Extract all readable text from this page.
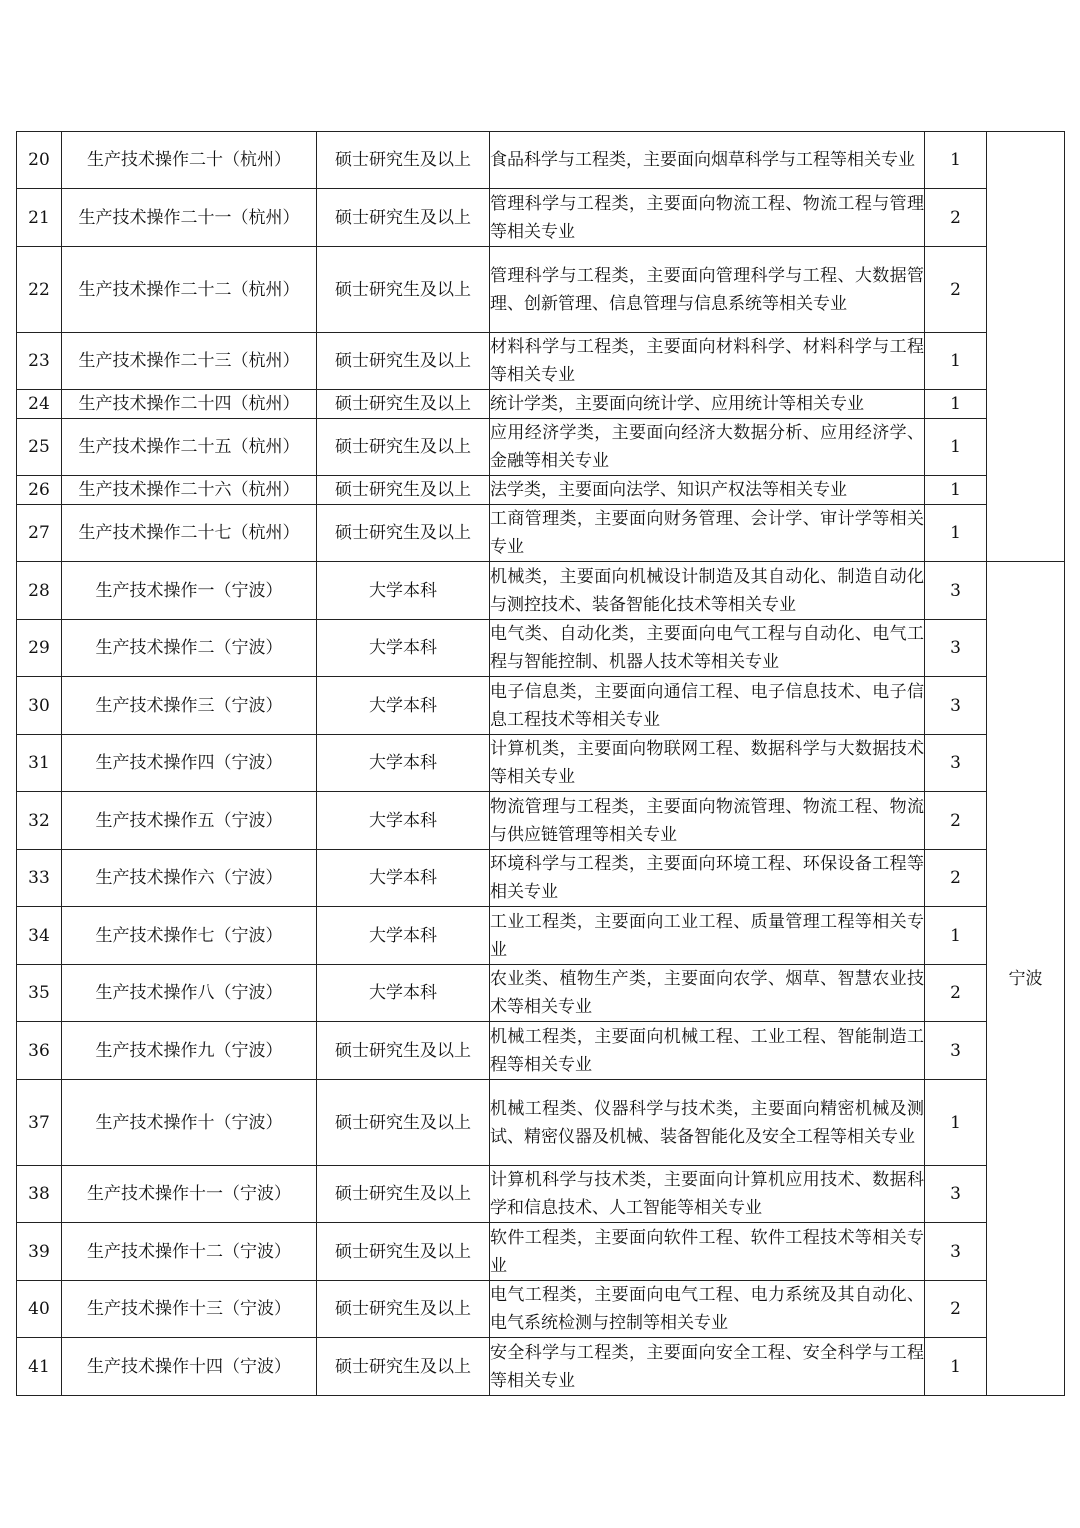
20	生产技术操作二十（杭州）	硕士研究生及以上	食品科学与工程类，主要面向烟草科学与工程等相关专业	1	
21	生产技术操作二十一（杭州）	硕士研究生及以上	管理科学与工程类，主要面向物流工程、物流工程与管理等相关专业	2	
22	生产技术操作二十二（杭州）	硕士研究生及以上	管理科学与工程类，主要面向管理科学与工程、大数据管理、创新管理、信息管理与信息系统等相关专业	2	
23	生产技术操作二十三（杭州）	硕士研究生及以上	材料科学与工程类，主要面向材料科学、材料科学与工程等相关专业	1	
24	生产技术操作二十四（杭州）	硕士研究生及以上	统计学类，主要面向统计学、应用统计等相关专业	1	
25	生产技术操作二十五（杭州）	硕士研究生及以上	应用经济学类，主要面向经济大数据分析、应用经济学、金融等相关专业	1	
26	生产技术操作二十六（杭州）	硕士研究生及以上	法学类，主要面向法学、知识产权法等相关专业	1	
27	生产技术操作二十七（杭州）	硕士研究生及以上	工商管理类，主要面向财务管理、会计学、审计学等相关专业	1	
28	生产技术操作一（宁波）	大学本科	机械类，主要面向机械设计制造及其自动化、制造自动化与测控技术、装备智能化技术等相关专业	3	宁波
29	生产技术操作二（宁波）	大学本科	电气类、自动化类，主要面向电气工程与自动化、电气工程与智能控制、机器人技术等相关专业	3	
30	生产技术操作三（宁波）	大学本科	电子信息类，主要面向通信工程、电子信息技术、电子信息工程技术等相关专业	3	
31	生产技术操作四（宁波）	大学本科	计算机类，主要面向物联网工程、数据科学与大数据技术等相关专业	3	
32	生产技术操作五（宁波）	大学本科	物流管理与工程类，主要面向物流管理、物流工程、物流与供应链管理等相关专业	2	
33	生产技术操作六（宁波）	大学本科	环境科学与工程类，主要面向环境工程、环保设备工程等相关专业	2	
34	生产技术操作七（宁波）	大学本科	工业工程类，主要面向工业工程、质量管理工程等相关专业	1	
35	生产技术操作八（宁波）	大学本科	农业类、植物生产类，主要面向农学、烟草、智慧农业技术等相关专业	2	
36	生产技术操作九（宁波）	硕士研究生及以上	机械工程类，主要面向机械工程、工业工程、智能制造工程等相关专业	3	
37	生产技术操作十（宁波）	硕士研究生及以上	机械工程类、仪器科学与技术类，主要面向精密机械及测试、精密仪器及机械、装备智能化及安全工程等相关专业	1	
38	生产技术操作十一（宁波）	硕士研究生及以上	计算机科学与技术类，主要面向计算机应用技术、数据科学和信息技术、人工智能等相关专业	3	
39	生产技术操作十二（宁波）	硕士研究生及以上	软件工程类，主要面向软件工程、软件工程技术等相关专业	3	
40	生产技术操作十三（宁波）	硕士研究生及以上	电气工程类，主要面向电气工程、电力系统及其自动化、电气系统检测与控制等相关专业	2	
41	生产技术操作十四（宁波）	硕士研究生及以上	安全科学与工程类，主要面向安全工程、安全科学与工程等相关专业	1	
